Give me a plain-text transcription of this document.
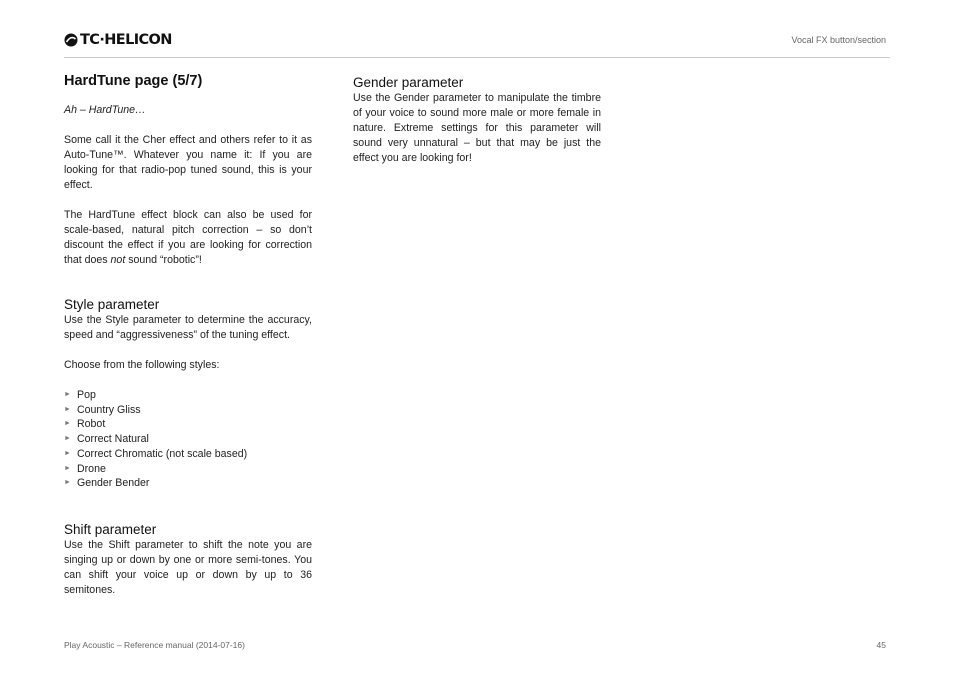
TC·HELICON	Vocal FX button/section
HardTune page (5/7)

Ah – HardTune…

Some call it the Cher effect and others refer to it as Auto-Tune™. Whatever you name it: If you are looking for that radio-pop tuned sound, this is your effect.

The HardTune effect block can also be used for scale-based, natural pitch correction – so don’t discount the effect if you are looking for correction that does not sound “robotic”!

Style parameter

Use the Style parameter to determine the accuracy, speed and “aggressiveness” of the tuning effect.

Choose from the following styles:

► Pop
► Country Gliss
► Robot
► Correct Natural
► Correct Chromatic (not scale based)
► Drone
► Gender Bender
Shift parameter

Use the Shift parameter to shift the note you are singing up or down by one or more semi-tones. You can shift your voice up or down by up to 36 semitones.

Gender parameter

Use the Gender parameter to manipulate the timbre of your voice to sound more male or more female in nature. Extreme settings for this parameter will sound very unnatural – but that may be just the effect you are looking for!

Play Acoustic – Reference manual (2014-07-16)	45
